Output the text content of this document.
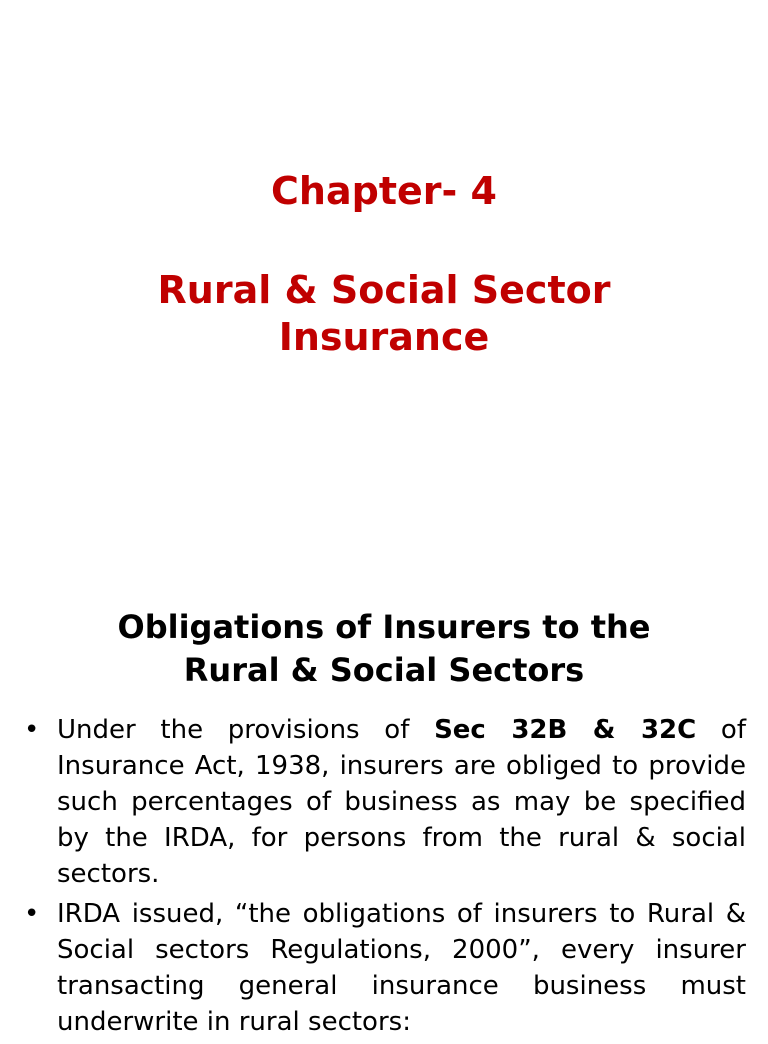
Chapter- 4
Rural & Social Sector
Insurance
Obligations of Insurers to the
Rural & Social Sectors
• Under the provisions of Sec 32B & 32C of Insurance Act, 1938, insurers are obliged to provide such percentages of business as may be specified by the IRDA, for persons from the rural & social sectors.
• IRDA issued, “the obligations of insurers to Rural & Social sectors Regulations, 2000”, every insurer transacting general insurance business must underwrite in rural sectors:
